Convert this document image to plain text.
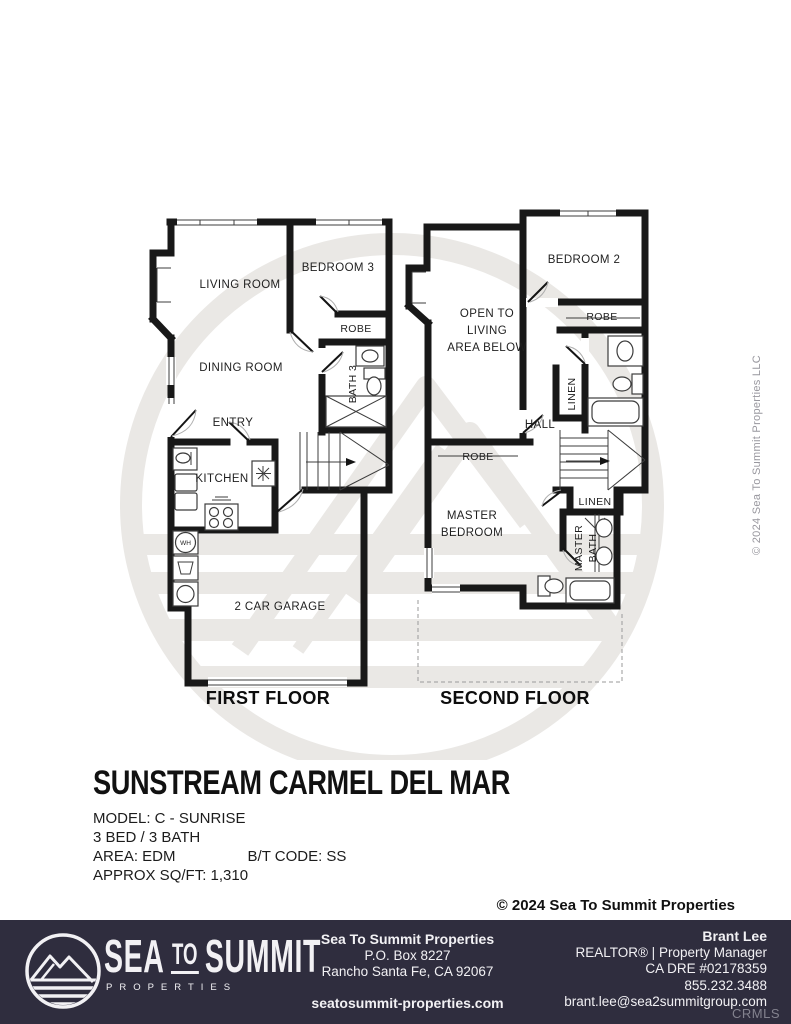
WH
LIVING ROOM
BEDROOM 3
ROBE
DINING ROOM	BATH 3
ENTRY
KITCHEN
2 CAR GARAGE
FIRST FLOOR
BEDROOM 2
OPEN TO
LIVING
AREA BELOW
ROBE
LINEN
HALL
ROBE
MASTER
BEDROOM
LINEN
MASTER BATH
SECOND FLOOR
SUNSTREAM CARMEL DEL MAR
MODEL: C - SUNRISE
3 BED / 3 BATH
AREA: EDM	B/T CODE: SS
APPROX SQ/FT: 1,310
© 2024 Sea To Summit Properties LLC
© 2024 Sea To Summit Properties
SEA TO SUMMIT
PROPERTIES
Sea To Summit Properties
P.O. Box 8227
Rancho Santa Fe, CA 92067
seatosummit-properties.com
Brant Lee
REALTOR® | Property Manager
CA DRE #02178359
855.232.3488
brant.lee@sea2summitgroup.com
CRMLS
